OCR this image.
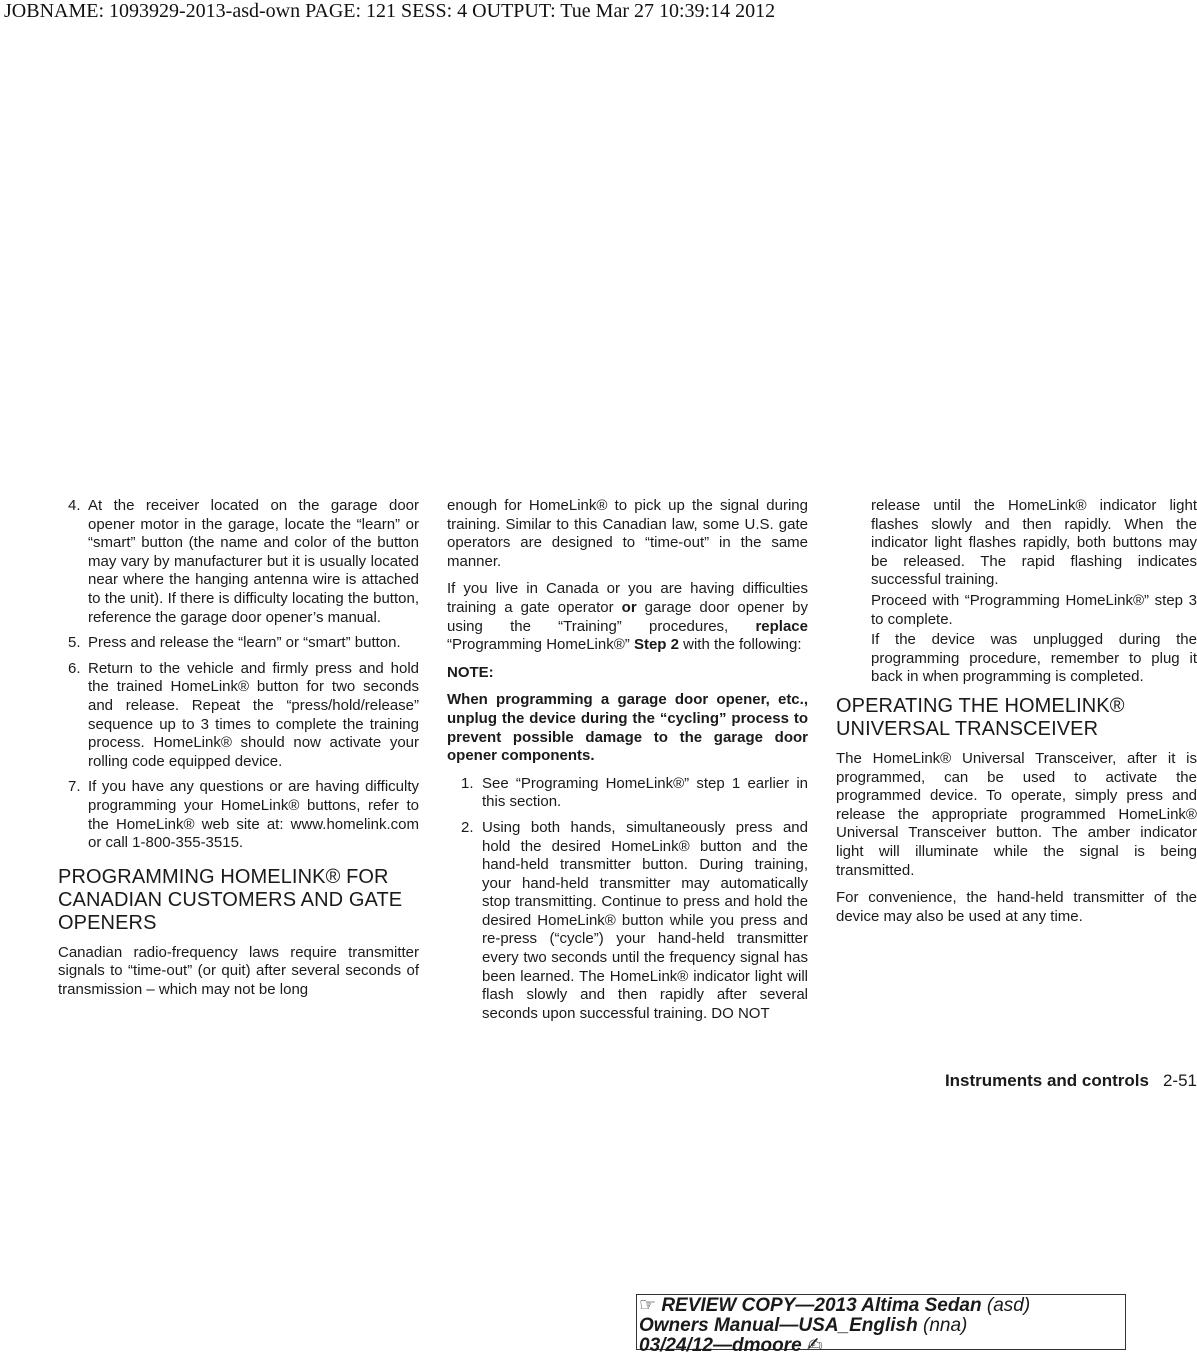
JOBNAME: 1093929-2013-asd-own PAGE: 121 SESS: 4 OUTPUT: Tue Mar 27 10:39:14 2012
4. At the receiver located on the garage door opener motor in the garage, locate the “learn” or “smart” button (the name and color of the button may vary by manufacturer but it is usually located near where the hanging antenna wire is attached to the unit). If there is difficulty locating the button, reference the garage door opener’s manual.
5. Press and release the “learn” or “smart” button.
6. Return to the vehicle and firmly press and hold the trained HomeLink® button for two seconds and release. Repeat the “press/hold/release” sequence up to 3 times to complete the training process. HomeLink® should now activate your rolling code equipped device.
7. If you have any questions or are having difficulty programming your HomeLink® buttons, refer to the HomeLink® web site at: www.homelink.com or call 1-800-355-3515.
PROGRAMMING HOMELINK® FOR CANADIAN CUSTOMERS AND GATE OPENERS

Canadian radio-frequency laws require transmitter signals to “time-out” (or quit) after several seconds of transmission – which may not be long

enough for HomeLink® to pick up the signal during training. Similar to this Canadian law, some U.S. gate operators are designed to “time-out” in the same manner.

If you live in Canada or you are having difficulties training a gate operator or garage door opener by using the “Training” procedures, replace “Programming HomeLink®” Step 2 with the following:

NOTE:

When programming a garage door opener, etc., unplug the device during the “cycling” process to prevent possible damage to the garage door opener components.

1. See “Programing HomeLink®” step 1 earlier in this section.
2. Using both hands, simultaneously press and hold the desired HomeLink® button and the hand-held transmitter button. During training, your hand-held transmitter may automatically stop transmitting. Continue to press and hold the desired HomeLink® button while you press and re-press (“cycle”) your hand-held transmitter every two seconds until the frequency signal has been learned. The HomeLink® indicator light will flash slowly and then rapidly after several seconds upon successful training. DO NOT

release until the HomeLink® indicator light flashes slowly and then rapidly. When the indicator light flashes rapidly, both buttons may be released. The rapid flashing indicates successful training.

Proceed with “Programming HomeLink®” step 3 to complete.

If the device was unplugged during the programming procedure, remember to plug it back in when programming is completed.

OPERATING THE HOMELINK® UNIVERSAL TRANSCEIVER

The HomeLink® Universal Transceiver, after it is programmed, can be used to activate the programmed device. To operate, simply press and release the appropriate programmed HomeLink® Universal Transceiver button. The amber indicator light will illuminate while the signal is being transmitted.

For convenience, the hand-held transmitter of the device may also be used at any time.

Instruments and controls 2-51
☞ REVIEW COPY—2013 Altima Sedan (asd)
Owners Manual—USA_English (nna)
03/24/12—dmoore ✍
